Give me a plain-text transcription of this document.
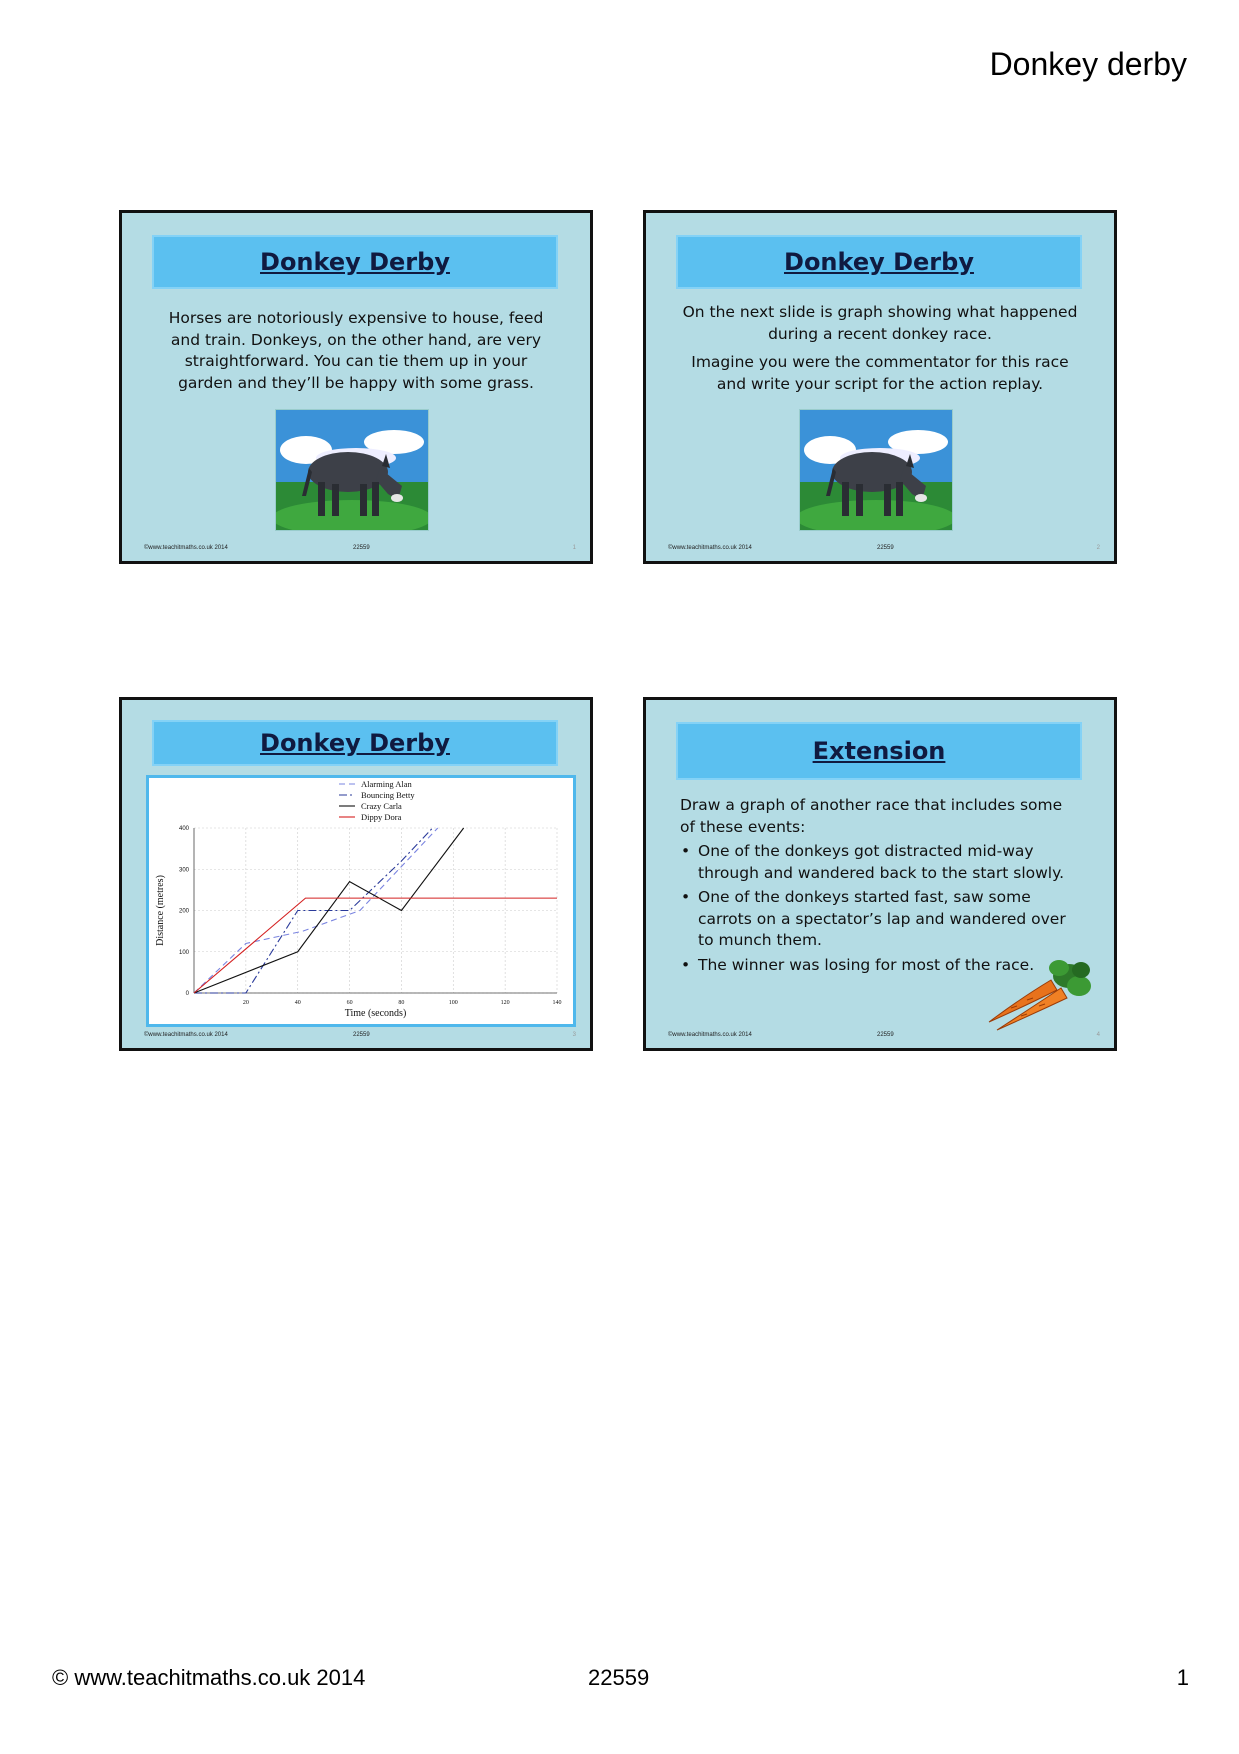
Donkey derby
Donkey Derby
Horses are notoriously expensive to house, feed and train. Donkeys, on the other hand, are very straightforward. You can tie them up in your garden and they’ll be happy with some grass.
©www.teachitmaths.co.uk 2014	22559	1
Donkey Derby
On the next slide is graph showing what happened during a recent donkey race.
Imagine you were the commentator for this race and write your script for the action replay.
©www.teachitmaths.co.uk 2014	22559	2
Donkey Derby
20	40	60	80	100	120	140
0
100
200
300
400
Time (seconds)
Distance (metres)
Alarming Alan
Bouncing Betty
Crazy Carla
Dippy Dora
©www.teachitmaths.co.uk 2014	22559	3
Extension

Draw a graph of another race that includes some of these events:

• One of the donkeys got distracted mid-way through and wandered back to the start slowly.
• One of the donkeys started fast, saw some carrots on a spectator’s lap and wandered over to munch them.
• The winner was losing for most of the race.
©www.teachitmaths.co.uk 2014	22559	4
© www.teachitmaths.co.uk 2014	22559	1
